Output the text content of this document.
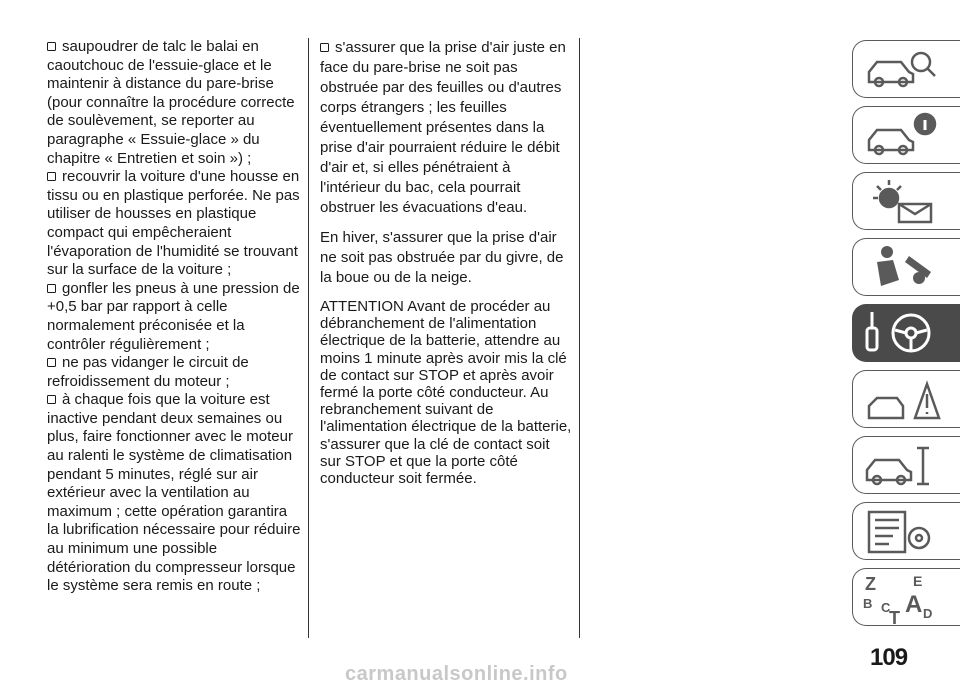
saupoudrer de talc le balai en caoutchouc de l'essuie-glace et le maintenir à distance du pare-brise (pour connaître la procédure correcte de soulèvement, se reporter au paragraphe « Essuie-glace » du chapitre « Entretien et soin ») ;

recouvrir la voiture d'une housse en tissu ou en plastique perforée. Ne pas utiliser de housses en plastique compact qui empêcheraient l'évaporation de l'humidité se trouvant sur la surface de la voiture ;

gonfler les pneus à une pression de +0,5 bar par rapport à celle normalement préconisée et la contrôler régulièrement ;

ne pas vidanger le circuit de refroidissement du moteur ;

à chaque fois que la voiture est inactive pendant deux semaines ou plus, faire fonctionner avec le moteur au ralenti le système de climatisation pendant 5 minutes, réglé sur air extérieur avec la ventilation au maximum ; cette opération garantira la lubrification nécessaire pour réduire au minimum une possible détérioration du compresseur lorsque le système sera remis en route ;

s'assurer que la prise d'air juste en face du pare-brise ne soit pas obstruée par des feuilles ou d'autres corps étrangers ; les feuilles éventuellement présentes dans la prise d'air pourraient réduire le débit d'air et, si elles pénétraient à l'intérieur du bac, cela pourrait obstruer les évacuations d'eau.

En hiver, s'assurer que la prise d'air ne soit pas obstruée par du givre, de la boue ou de la neige.

ATTENTION Avant de procéder au débranchement de l'alimentation électrique de la batterie, attendre au moins 1 minute après avoir mis la clé de contact sur STOP et après avoir fermé la porte côté conducteur. Au rebranchement suivant de l'alimentation électrique de la batterie, s'assurer que la clé de contact soit sur STOP et que la porte côté conducteur soit fermée.

Z	E
B A
C	D
T
109
carmanualsonline.info
